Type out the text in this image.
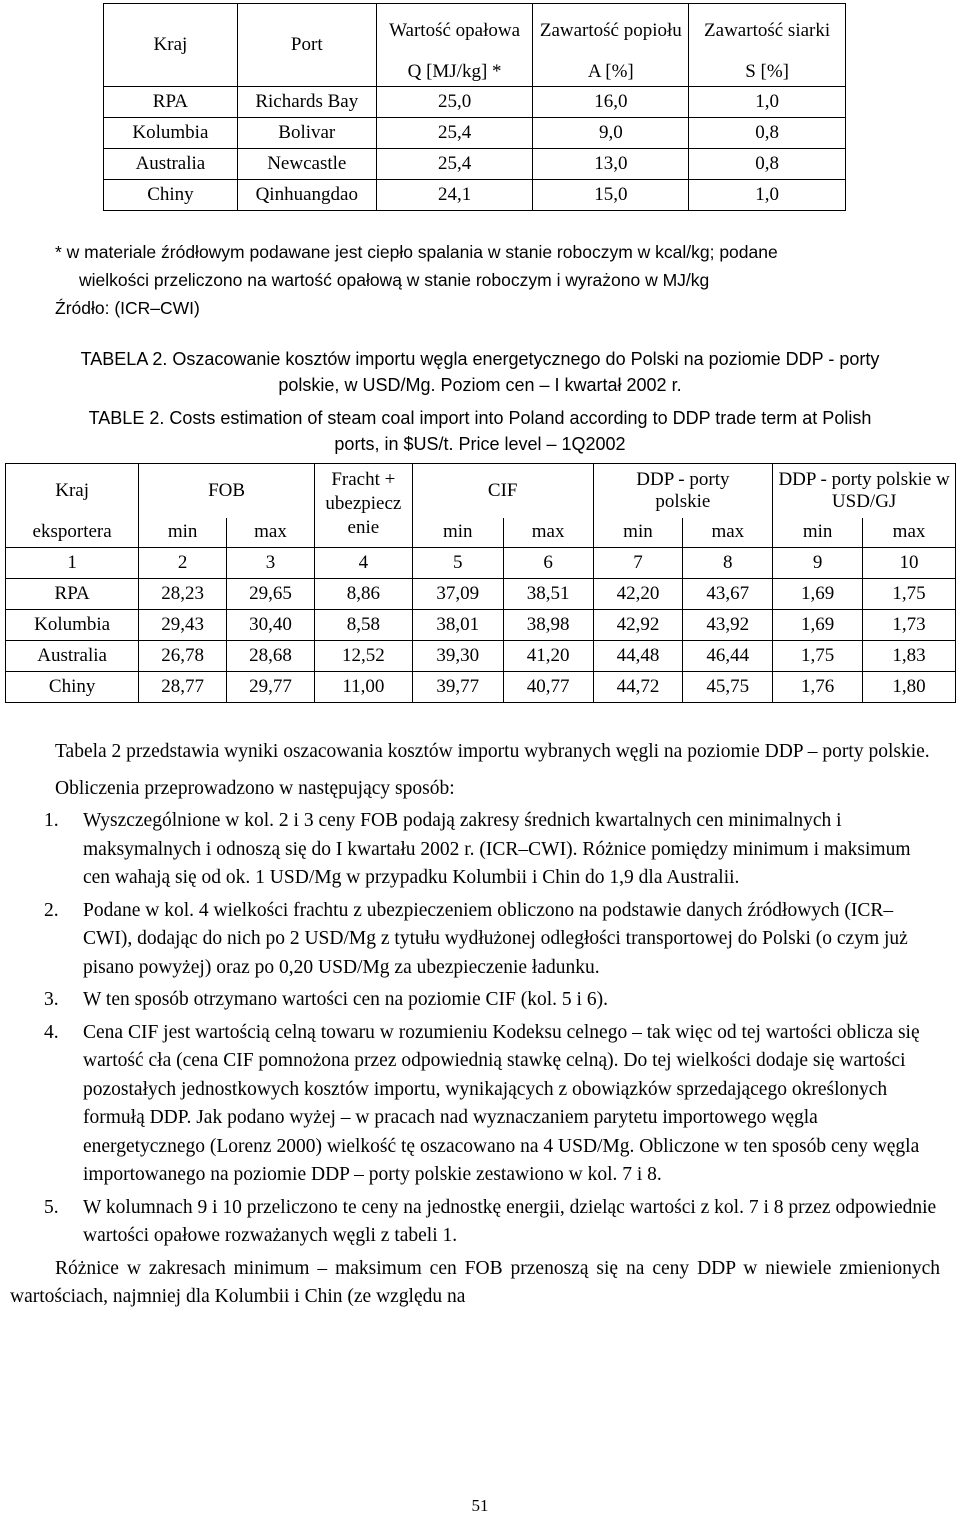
Kraj	Port	Wartość opałowa	Zawartość popiołu	Zawartość siarki
		Q [MJ/kg] *	A [%]	S [%]
RPA	Richards Bay	25,0	16,0	1,0
Kolumbia	Bolivar	25,4	9,0	0,8
Australia	Newcastle	25,4	13,0	0,8
Chiny	Qinhuangdao	24,1	15,0	1,0
* w materiale źródłowym podawane jest ciepło spalania w stanie roboczym w kcal/kg; podane
wielkości przeliczono na wartość opałową w stanie roboczym i wyrażono w MJ/kg
Źródło: (ICR–CWI)
TABELA 2. Oszacowanie kosztów importu węgla energetycznego do Polski na poziomie DDP - porty
polskie, w USD/Mg. Poziom cen – I kwartał 2002 r.
TABLE 2. Costs estimation of steam coal import into Poland according to DDP trade term at Polish
ports, in $US/t. Price level – 1Q2002
Kraj	FOB		Fracht + ubezpiecz enie	CIF		DDP - porty polskie		DDP - porty polskie w USD/GJ	
eksportera	min	max		min	max	min	max	min	max
1	2	3	4	5	6	7	8	9	10
RPA	28,23	29,65	8,86	37,09	38,51	42,20	43,67	1,69	1,75
Kolumbia	29,43	30,40	8,58	38,01	38,98	42,92	43,92	1,69	1,73
Australia	26,78	28,68	12,52	39,30	41,20	44,48	46,44	1,75	1,83
Chiny	28,77	29,77	11,00	39,77	40,77	44,72	45,75	1,76	1,80

Tabela 2 przedstawia wyniki oszacowania kosztów importu wybranych węgli na poziomie DDP – porty polskie.

Obliczenia przeprowadzono w następujący sposób:

1. Wyszczególnione w kol. 2 i 3 ceny FOB podają zakresy średnich kwartalnych cen minimalnych i maksymalnych i odnoszą się do I kwartału 2002 r. (ICR–CWI). Różnice pomiędzy minimum i maksimum cen wahają się od ok. 1 USD/Mg w przypadku Kolumbii i Chin do 1,9 dla Australii.
2. Podane w kol. 4 wielkości frachtu z ubezpieczeniem obliczono na podstawie danych źródłowych (ICR–CWI), dodając do nich po 2 USD/Mg z tytułu wydłużonej odległości transportowej do Polski (o czym już pisano powyżej) oraz po 0,20 USD/Mg za ubezpieczenie ładunku.
3. W ten sposób otrzymano wartości cen na poziomie CIF (kol. 5 i 6).
4. Cena CIF jest wartością celną towaru w rozumieniu Kodeksu celnego – tak więc od tej wartości oblicza się wartość cła (cena CIF pomnożona przez odpowiednią stawkę celną). Do tej wielkości dodaje się wartości pozostałych jednostkowych kosztów importu, wynikających z obowiązków sprzedającego określonych formułą DDP. Jak podano wyżej – w pracach nad wyznaczaniem parytetu importowego węgla energetycznego (Lorenz 2000) wielkość tę oszacowano na 4 USD/Mg. Obliczone w ten sposób ceny węgla importowanego na poziomie DDP – porty polskie zestawiono w kol. 7 i 8.
5. W kolumnach 9 i 10 przeliczono te ceny na jednostkę energii, dzieląc wartości z kol. 7 i 8 przez odpowiednie wartości opałowe rozważanych węgli z tabeli 1.

Różnice w zakresach minimum – maksimum cen FOB przenoszą się na ceny DDP w niewiele zmienionych wartościach, najmniej dla Kolumbii i Chin (ze względu na

51
